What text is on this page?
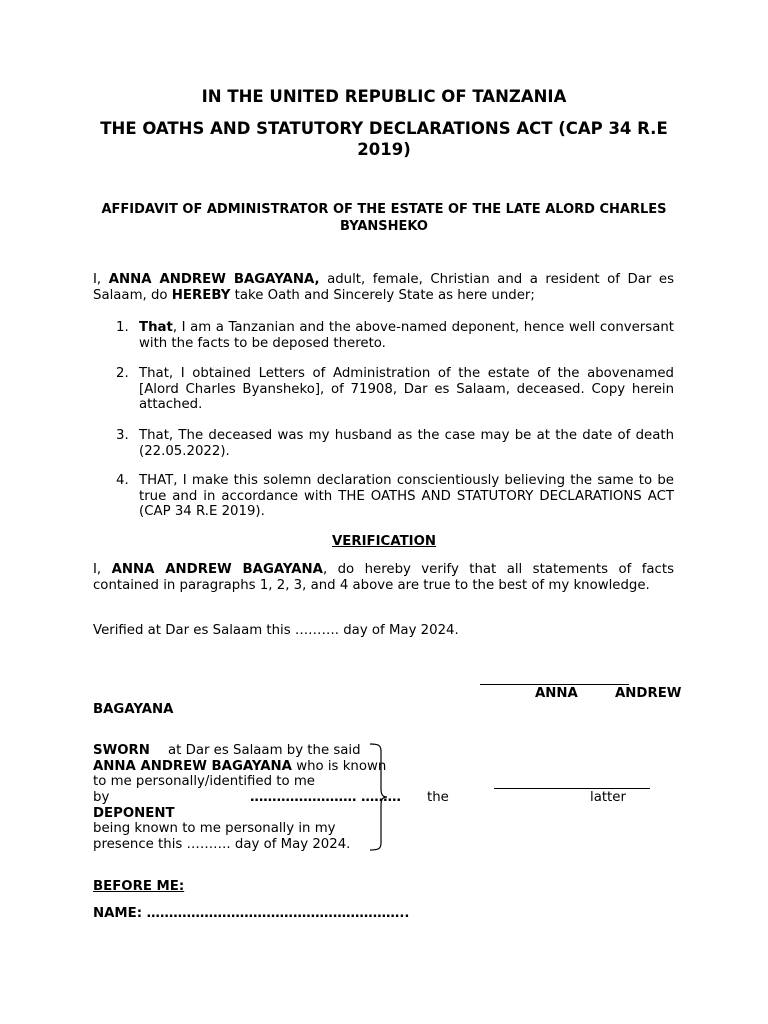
IN THE UNITED REPUBLIC OF TANZANIA
THE OATHS AND STATUTORY DECLARATIONS ACT (CAP 34 R.E 2019)
AFFIDAVIT OF ADMINISTRATOR OF THE ESTATE OF THE LATE ALORD CHARLES BYANSHEKO
I, ANNA ANDREW BAGAYANA, adult, female, Christian and a resident of Dar es Salaam, do HEREBY take Oath and Sincerely State as here under;
1. That, I am a Tanzanian and the above-named deponent, hence well conversant with the facts to be deposed thereto.
2. That, I obtained Letters of Administration of the estate of the abovenamed [Alord Charles Byansheko], of 71908, Dar es Salaam, deceased. Copy herein attached.
3. That, The deceased was my husband as the case may be at the date of death (22.05.2022).
4. THAT, I make this solemn declaration conscientiously believing the same to be true and in accordance with THE OATHS AND STATUTORY DECLARATIONS ACT (CAP 34 R.E 2019).
VERIFICATION
I, ANNA ANDREW BAGAYANA, do hereby verify that all statements of facts contained in paragraphs 1, 2, 3, and 4 above are true to the best of my knowledge.
Verified at Dar es Salaam this ………. day of May 2024.
ANNA	ANDREW
BAGAYANA
SWORN at Dar es Salaam by the said
ANNA ANDREW BAGAYANA who is known
to me personally/identified to me
by	…………………… ……… the	latter
DEPONENT
being known to me personally in my
presence this ………. day of May 2024.
BEFORE ME:
NAME: …………………………………………………..
